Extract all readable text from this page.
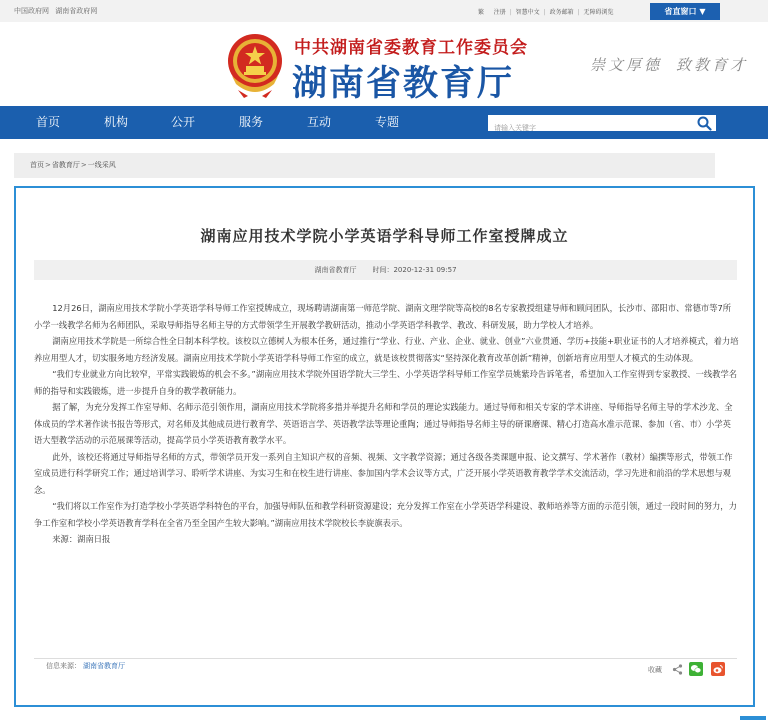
中国政府网 湖南省政府网	繁 注册 | 智慧中文 | 政务邮箱 | 无障碍浏览	省直窗口 ▼
中共湖南省委教育工作委员会
湖南省教育厅	崇文厚德 致教育才
首页	机构	公开	服务	互动	专题
请输入关键字
首页>省教育厅>一线采风
湖南应用技术学院小学英语学科导师工作室授牌成立
湖南省教育厅 时间：2020-12-31 09:57

12月26日，湖南应用技术学院小学英语学科导师工作室授牌成立，现场聘请湖南第一师范学院、湖南文理学院等高校的8名专家教授组建导师和顾问团队，长沙市、邵阳市、常德市等7所小学一线教学名师为名师团队，采取导师指导名师主导的方式带领学生开展教学教研活动，推动小学英语学科教学、教改、科研发展，助力学校人才培养。

湖南应用技术学院是一所综合性全日制本科学校。该校以立德树人为根本任务，通过推行“学业、行业、产业、企业、就业、创业”六业贯通、学历+技能+职业证书的人才培养模式，着力培养应用型人才，切实服务地方经济发展。湖南应用技术学院小学英语学科导师工作室的成立，就是该校贯彻落实“坚持深化教育改革创新”精神，创新培育应用型人才模式的生动体现。

“我们专业就业方向比较窄，平常实践锻炼的机会不多。”湖南应用技术学院外国语学院大三学生、小学英语学科导师工作室学员姚紫玲告诉笔者，希望加入工作室得到专家教授、一线教学名师的指导和实践锻炼，进一步提升自身的教学教研能力。

据了解，为充分发挥工作室导师、名师示范引领作用，湖南应用技术学院将多措并举提升名师和学员的理论实践能力。通过导师和相关专家的学术讲座、导师指导名师主导的学术沙龙、全体成员的学术著作读书报告等形式，对名师及其他成员进行教育学、英语语言学、英语教学法等理论重陶；通过导师指导名师主导的研课磨课、精心打造高水准示范课、参加（省、市）小学英语大型教学活动的示范展课等活动，提高学员小学英语教育教学水平。

此外，该校还将通过导师指导名师的方式，带领学员开发一系列自主知识产权的音频、视频、文字教学资源；通过各级各类课题申报、论文撰写、学术著作（教材）编撰等形式，带领工作室成员进行科学研究工作；通过培训学习、聆听学术讲座、为实习生和在校生进行讲座、参加国内学术会议等方式，广泛开展小学英语教育教学学术交流活动，学习先进和前沿的学术思想与观念。

“我们将以工作室作为打造学校小学英语学科特色的平台，加强导师队伍和教学科研资源建设；充分发挥工作室在小学英语学科建设、教师培养等方面的示范引领，通过一段时间的努力，力争工作室和学校小学英语教育学科在全省乃至全国产生较大影响。”湖南应用技术学院校长李旋旗表示。

来源：湖南日报

信息来源： 湖南省教育厅	收藏
